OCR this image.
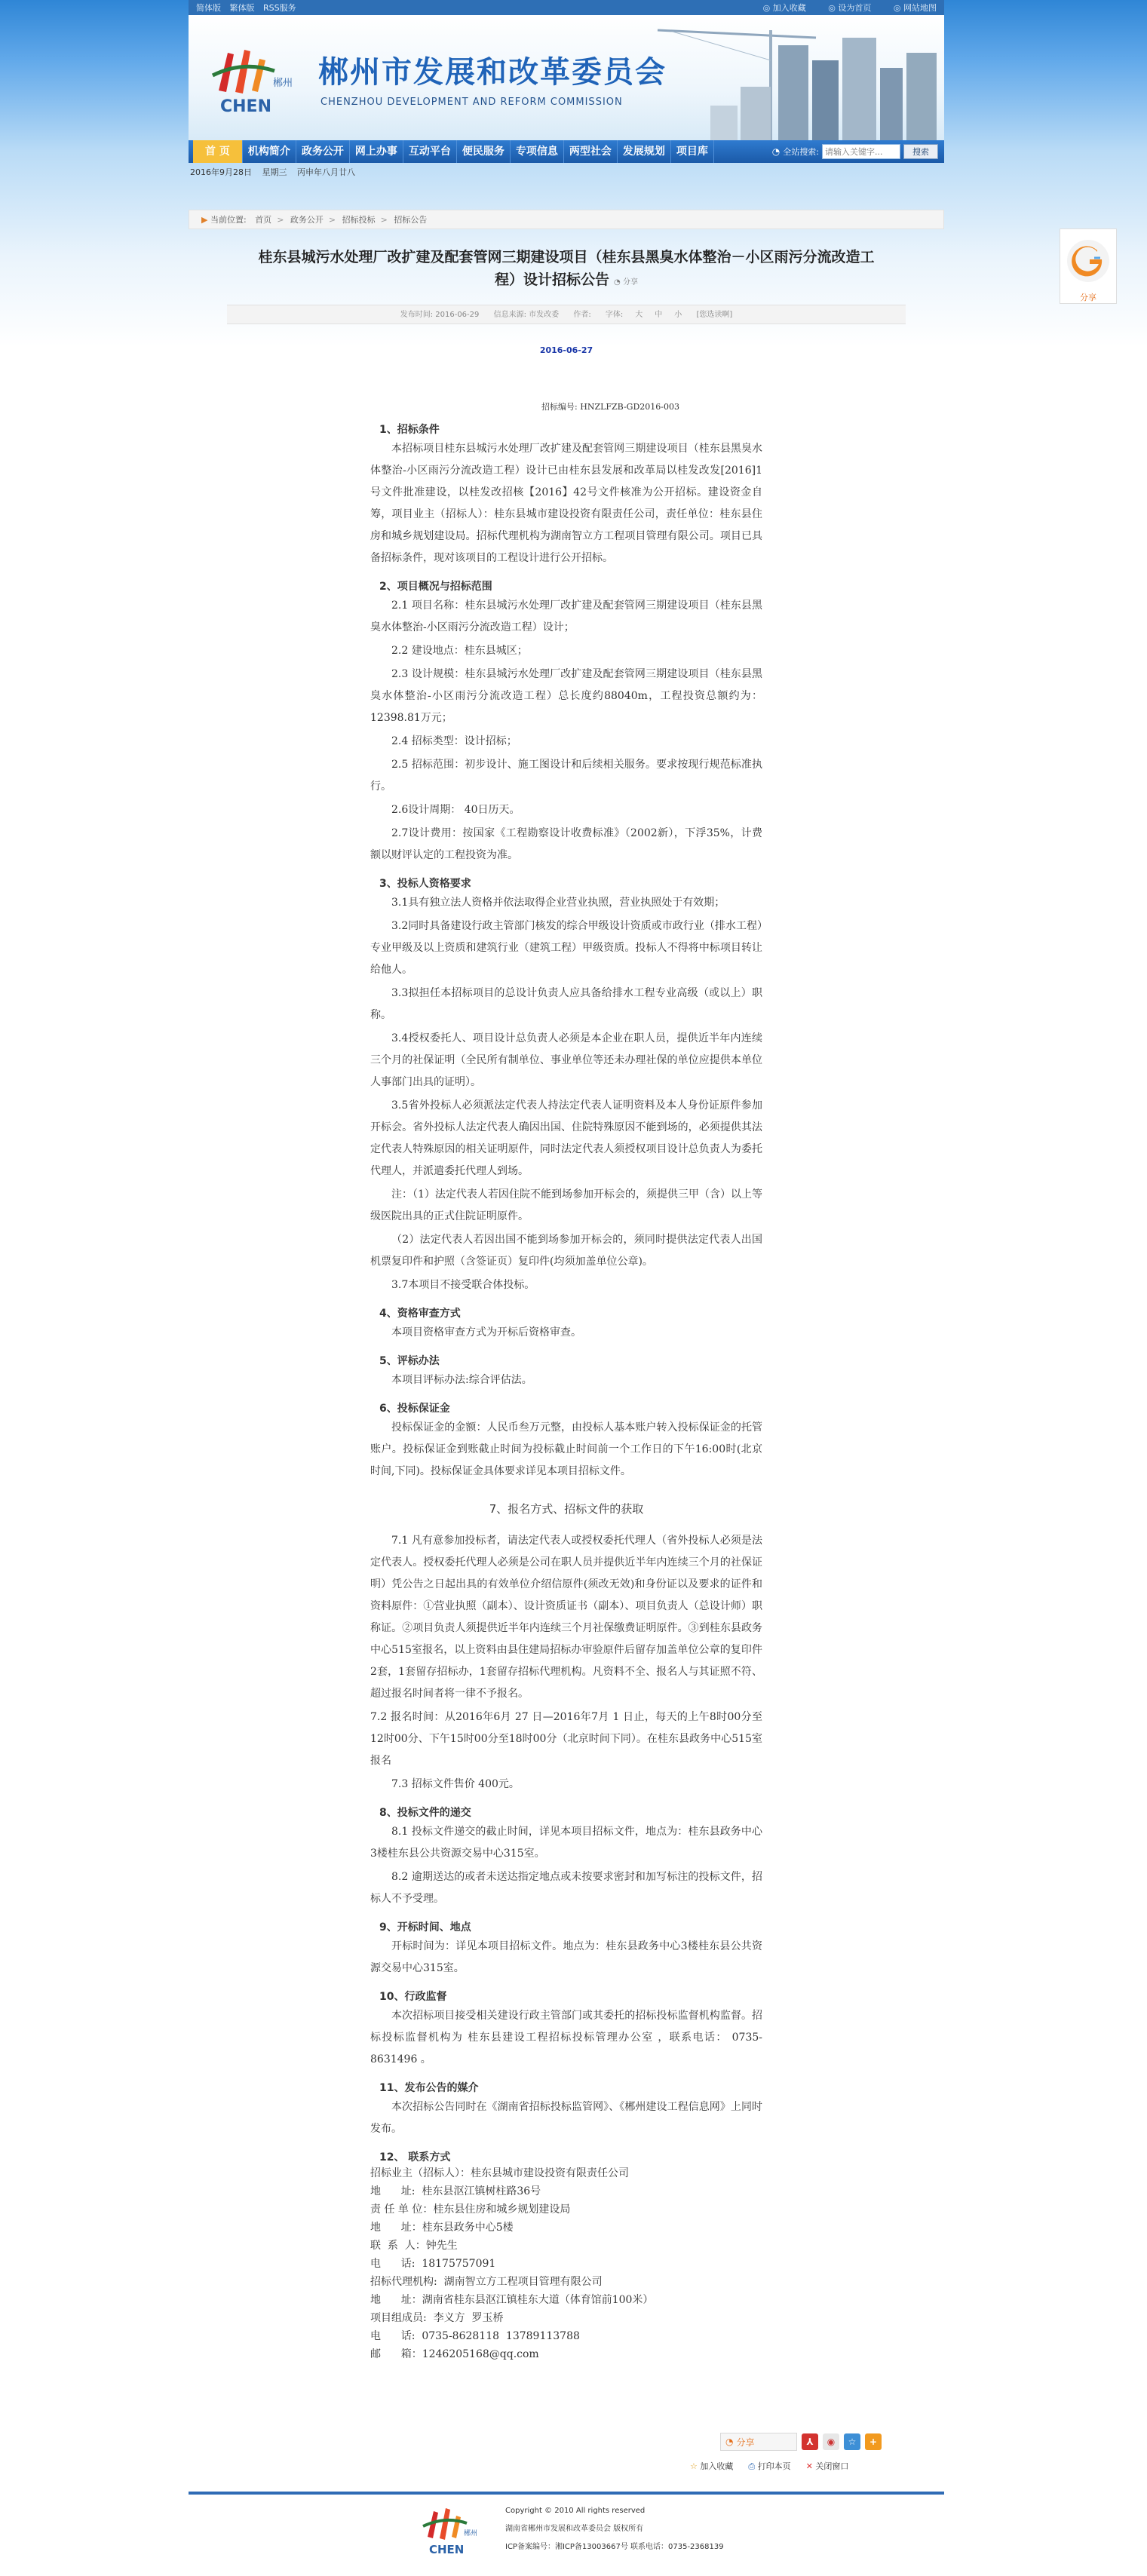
分享
简体版 繁体版 RSS服务	◎ 加入收藏	◎ 设为首页	◎ 网站地图
郴州
CHEN
郴州市发展和改革委员会
CHENZHOU DEVELOPMENT AND REFORM COMMISSION
首 页	机构简介	政务公开	网上办事	互动平台	便民服务	专项信息	两型社会	发展规划	项目库	◔ 全站搜索:
请输入关键字...	搜索
2016年9月28日 星期三 丙申年八月廿八
▶ 当前位置: 首页 > 政务公开 > 招标投标 > 招标公告
桂东县城污水处理厂改扩建及配套管网三期建设项目（桂东县黑臭水体整治－小区雨污分流改造工程）设计招标公告 ◔ 分享
发布时间: 2016-06-29 信息来源: 市发改委 作者: 字体: 大 中 小 [您选读啊]
2016-06-27
招标编号: HNZLFZB-GD2016-003
1、招标条件
本招标项目桂东县城污水处理厂改扩建及配套管网三期建设项目（桂东县黑臭水体整治-小区雨污分流改造工程）设计已由桂东县发展和改革局以桂发改发[2016]1号文件批准建设，以桂发改招核【2016】42号文件核准为公开招标。建设资金自筹，项目业主（招标人）：桂东县城市建设投资有限责任公司，责任单位：桂东县住房和城乡规划建设局。招标代理机构为湖南智立方工程项目管理有限公司。项目已具备招标条件，现对该项目的工程设计进行公开招标。
2、项目概况与招标范围
2.1 项目名称：桂东县城污水处理厂改扩建及配套管网三期建设项目（桂东县黑臭水体整治-小区雨污分流改造工程）设计；
2.2 建设地点：桂东县城区；
2.3 设计规模：桂东县城污水处理厂改扩建及配套管网三期建设项目（桂东县黑臭水体整治-小区雨污分流改造工程）总长度约88040m，工程投资总额约为：12398.81万元；
2.4 招标类型：设计招标；
2.5 招标范围：初步设计、施工图设计和后续相关服务。要求按现行规范标准执行。
2.6设计周期： 40日历天。
2.7设计费用：按国家《工程勘察设计收费标准》（2002新），下浮35%，计费额以财评认定的工程投资为准。
3、投标人资格要求
3.1具有独立法人资格并依法取得企业营业执照，营业执照处于有效期；
3.2同时具备建设行政主管部门核发的综合甲级设计资质或市政行业（排水工程）专业甲级及以上资质和建筑行业（建筑工程）甲级资质。投标人不得将中标项目转让给他人。
3.3拟担任本招标项目的总设计负责人应具备给排水工程专业高级（或以上）职称。
3.4授权委托人、项目设计总负责人必须是本企业在职人员，提供近半年内连续三个月的社保证明（全民所有制单位、事业单位等还未办理社保的单位应提供本单位人事部门出具的证明）。
3.5省外投标人必须派法定代表人持法定代表人证明资料及本人身份证原件参加开标会。省外投标人法定代表人确因出国、住院特殊原因不能到场的，必须提供其法定代表人特殊原因的相关证明原件，同时法定代表人须授权项目设计总负责人为委托代理人，并派遣委托代理人到场。
注：（1）法定代表人若因住院不能到场参加开标会的，须提供三甲（含）以上等级医院出具的正式住院证明原件。
（2）法定代表人若因出国不能到场参加开标会的，须同时提供法定代表人出国机票复印件和护照（含签证页）复印件(均须加盖单位公章)。
3.7本项目不接受联合体投标。
4、资格审查方式
本项目资格审查方式为开标后资格审查。
5、评标办法
本项目评标办法:综合评估法。
6、投标保证金
投标保证金的金额：人民币叁万元整，由投标人基本账户转入投标保证金的托管账户。投标保证金到账截止时间为投标截止时间前一个工作日的下午16:00时(北京时间,下同)。投标保证金具体要求详见本项目招标文件。
7、报名方式、招标文件的获取
7.1 凡有意参加投标者，请法定代表人或授权委托代理人（省外投标人必须是法定代表人。授权委托代理人必须是公司在职人员并提供近半年内连续三个月的社保证明）凭公告之日起出具的有效单位介绍信原件(须改无效)和身份证以及要求的证件和资料原件：①营业执照（副本）、设计资质证书（副本）、项目负责人（总设计师）职称证。②项目负责人须提供近半年内连续三个月社保缴费证明原件。③到桂东县政务中心515室报名，以上资料由县住建局招标办审验原件后留存加盖单位公章的复印件2套，1套留存招标办，1套留存招标代理机构。凡资料不全、报名人与其证照不符、超过报名时间者将一律不予报名。
7.2 报名时间：从2016年6月 27 日—2016年7月 1 日止，每天的上午8时00分至12时00分、下午15时00分至18时00分（北京时间下同）。在桂东县政务中心515室报名
7.3 招标文件售价 400元。
8、投标文件的递交
8.1 投标文件递交的截止时间，详见本项目招标文件，地点为：桂东县政务中心3楼桂东县公共资源交易中心315室。
8.2 逾期送达的或者未送达指定地点或未按要求密封和加写标注的投标文件，招标人不予受理。
9、开标时间、地点
开标时间为：详见本项目招标文件。地点为：桂东县政务中心3楼桂东县公共资源交易中心315室。
10、行政监督
本次招标项目接受相关建设行政主管部门或其委托的招标投标监督机构监督。招标投标监督机构为 桂东县建设工程招标投标管理办公室 ，联系电话： 0735-8631496 。
11、发布公告的媒介
本次招标公告同时在《湖南省招标投标监管网》、《郴州建设工程信息网》上同时发布。
12、 联系方式
招标业主（招标人）：桂东县城市建设投资有限责任公司
地      址:  桂东县沤江镇树柱路36号
责 任 单 位：桂东县住房和城乡规划建设局
地      址：桂东县政务中心5楼
联  系  人：钟先生
电      话:  18175757091
招标代理机构:  湖南智立方工程项目管理有限公司
地      址：湖南省桂东县沤江镇桂东大道（体育馆前100米）
项目组成员:  李义方  罗玉桥
电      话:  0735-8628118  13789113788
邮      箱：1246205168@qq.com
◔ 分享	⅄	◉	☆	+
☆ 加入收藏 ⎙ 打印本页 ✕ 关闭窗口
郴州
CHEN
Copyright © 2010 All rights reserved
湖南省郴州市发展和改革委员会 版权所有
ICP备案编号：湘ICP备13003667号 联系电话：0735-2368139
